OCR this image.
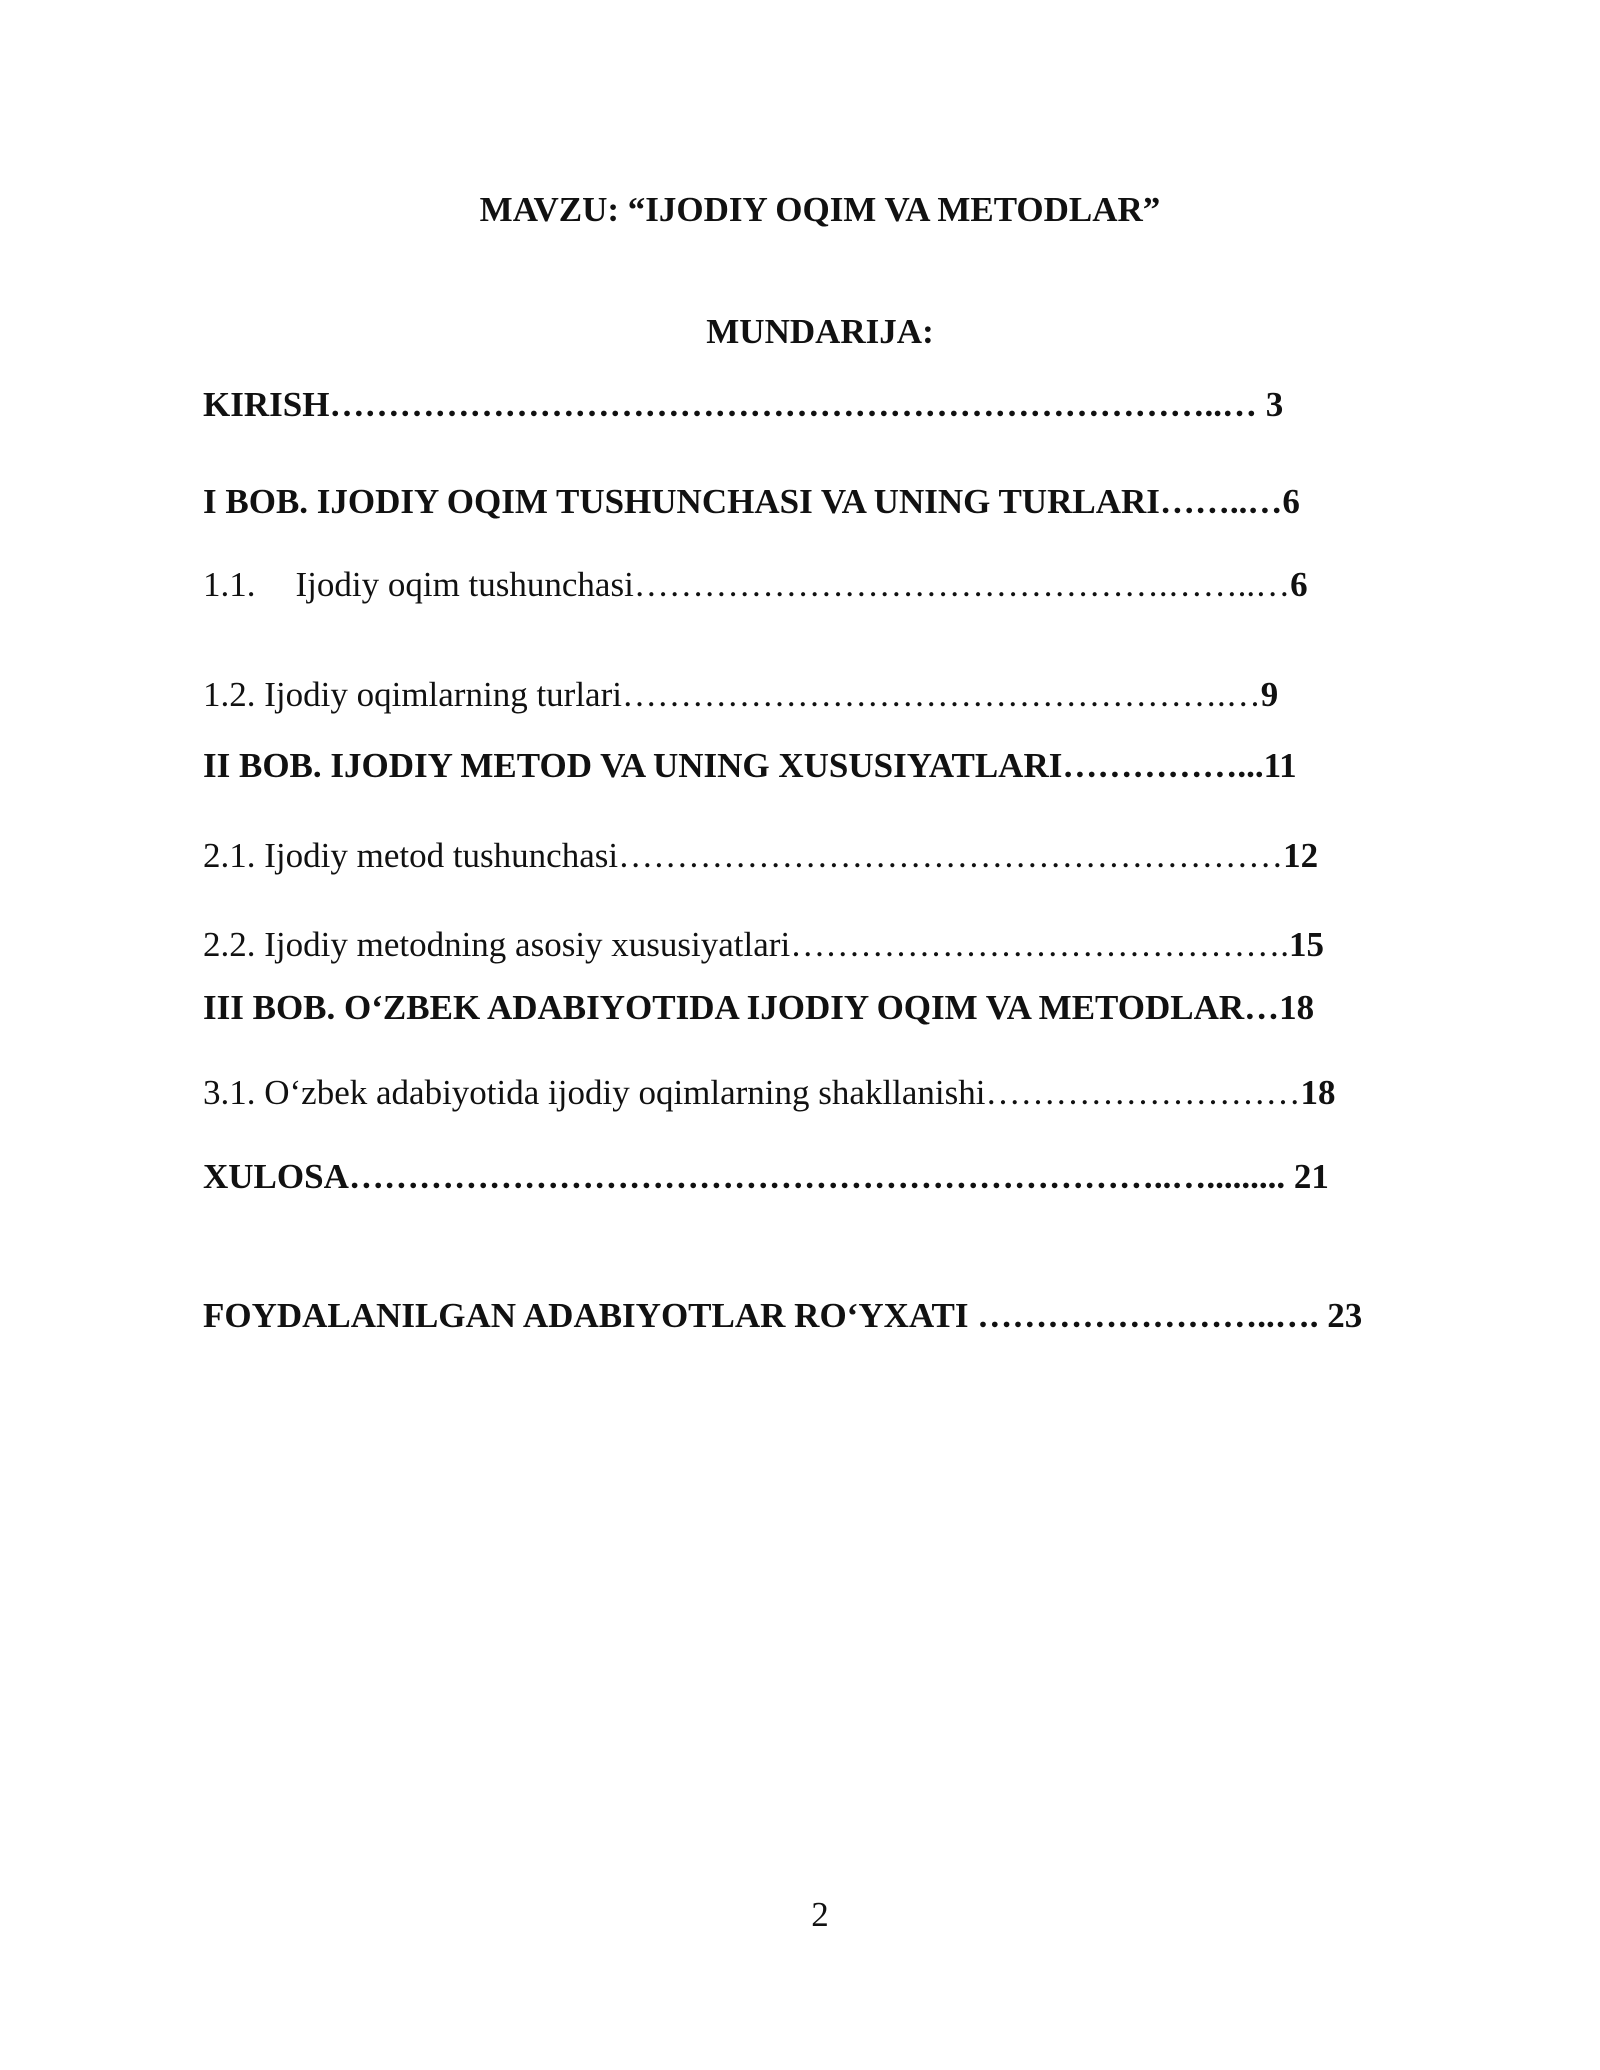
MAVZU: “IJODIY OQIM VA METODLAR”
MUNDARIJA:
KIRISH…………………………………………………………………..… 3
I BOB. IJODIY OQIM TUSHUNCHASI VA UNING TURLARI……..…6
1.1. Ijodiy oqim tushunchasi……………………………………….……..…6
1.2. Ijodiy oqimlarning turlari…………………………………………….…9
II BOB. IJODIY METOD VA UNING XUSUSIYATLARI……………...11
2.1. Ijodiy metod tushunchasi…………………………………………………12
2.2. Ijodiy metodning asosiy xususiyatlari…………………………………….15
III BOB. O‘ZBEK ADABIYOTIDA IJODIY OQIM VA METODLAR…18
3.1. O‘zbek adabiyotida ijodiy oqimlarning shakllanishi………………………18
XULOSA……………………………………………………………..…......... 21
FOYDALANILGAN ADABIYOTLAR RO‘YXATI ……………………..…. 23
2
